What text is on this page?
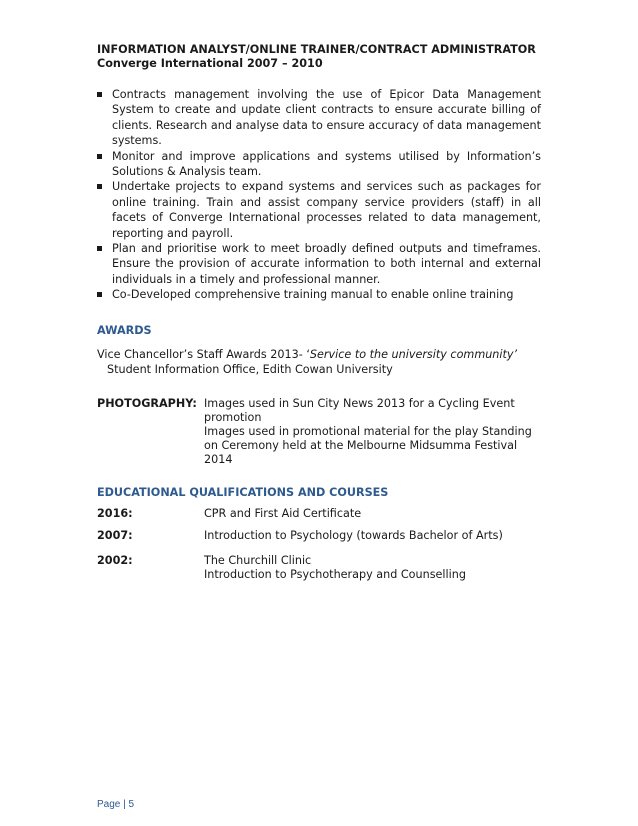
INFORMATION ANALYST/ONLINE TRAINER/CONTRACT ADMINISTRATOR

Converge International 2007 – 2010

Contracts management involving the use of Epicor Data Management System to create and update client contracts to ensure accurate billing of clients. Research and analyse data to ensure accuracy of data management systems.
Monitor and improve applications and systems utilised by Information’s Solutions & Analysis team.
Undertake projects to expand systems and services such as packages for online training. Train and assist company service providers (staff) in all facets of Converge International processes related to data management, reporting and payroll.
Plan and prioritise work to meet broadly defined outputs and timeframes. Ensure the provision of accurate information to both internal and external individuals in a timely and professional manner.
Co-Developed comprehensive training manual to enable online training

AWARDS

Vice Chancellor’s Staff Awards 2013- ‘Service to the university community’

Student Information Office, Edith Cowan University

PHOTOGRAPHY: Images used in Sun City News 2013 for a Cycling Event promotion

Images used in promotional material for the play Standing on Ceremony held at the Melbourne Midsumma Festival 2014

EDUCATIONAL QUALIFICATIONS AND COURSES

2016:	CPR and First Aid Certificate

2007:	Introduction to Psychology (towards Bachelor of Arts)

2002:	The Churchill Clinic

Introduction to Psychotherapy and Counselling

Page | 5
